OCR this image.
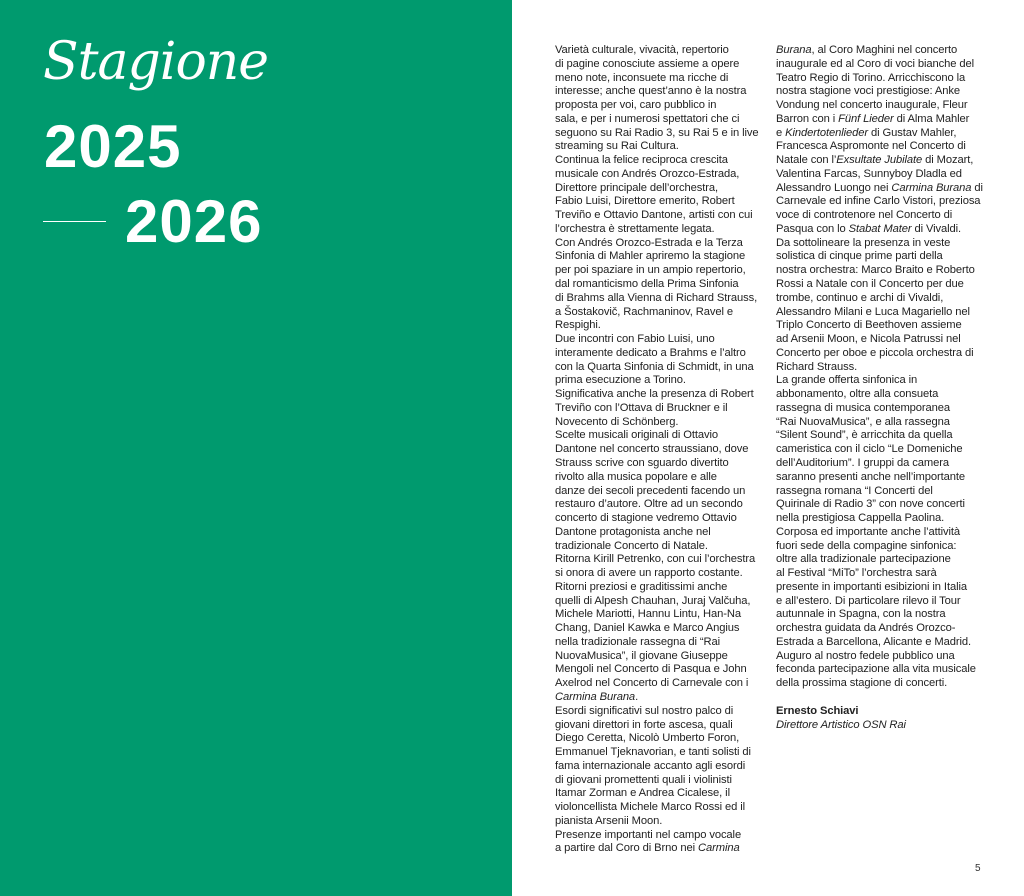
Stagione
2025
2026
Varietà culturale, vivacità, repertorio
di pagine conosciute assieme a opere
meno note, inconsuete ma ricche di
interesse; anche quest’anno è la nostra
proposta per voi, caro pubblico in
sala, e per i numerosi spettatori che ci
seguono su Rai Radio 3, su Rai 5 e in live
streaming su Rai Cultura.
Continua la felice reciproca crescita
musicale con Andrés Orozco-Estrada,
Direttore principale dell’orchestra,
Fabio Luisi, Direttore emerito, Robert
Treviño e Ottavio Dantone, artisti con cui
l’orchestra è strettamente legata.
Con Andrés Orozco-Estrada e la Terza
Sinfonia di Mahler apriremo la stagione
per poi spaziare in un ampio repertorio,
dal romanticismo della Prima Sinfonia
di Brahms alla Vienna di Richard Strauss,
a Šostakovič, Rachmaninov, Ravel e
Respighi.
Due incontri con Fabio Luisi, uno
interamente dedicato a Brahms e l’altro
con la Quarta Sinfonia di Schmidt, in una
prima esecuzione a Torino.
Significativa anche la presenza di Robert
Treviño con l’Ottava di Bruckner e il
Novecento di Schönberg.
Scelte musicali originali di Ottavio
Dantone nel concerto straussiano, dove
Strauss scrive con sguardo divertito
rivolto alla musica popolare e alle
danze dei secoli precedenti facendo un
restauro d’autore. Oltre ad un secondo
concerto di stagione vedremo Ottavio
Dantone protagonista anche nel
tradizionale Concerto di Natale.
Ritorna Kirill Petrenko, con cui l’orchestra
si onora di avere un rapporto costante.
Ritorni preziosi e graditissimi anche
quelli di Alpesh Chauhan, Juraj Valčuha,
Michele Mariotti, Hannu Lintu, Han-Na
Chang, Daniel Kawka e Marco Angius
nella tradizionale rassegna di “Rai
NuovaMusica”, il giovane Giuseppe
Mengoli nel Concerto di Pasqua e John
Axelrod nel Concerto di Carnevale con i
Carmina Burana.
Esordi significativi sul nostro palco di
giovani direttori in forte ascesa, quali
Diego Ceretta, Nicolò Umberto Foron,
Emmanuel Tjeknavorian, e tanti solisti di
fama internazionale accanto agli esordi
di giovani promettenti quali i violinisti
Itamar Zorman e Andrea Cicalese, il
violoncellista Michele Marco Rossi ed il
pianista Arsenii Moon.
Presenze importanti nel campo vocale
a partire dal Coro di Brno nei Carmina
Burana, al Coro Maghini nel concerto
inaugurale ed al Coro di voci bianche del
Teatro Regio di Torino. Arricchiscono la
nostra stagione voci prestigiose: Anke
Vondung nel concerto inaugurale, Fleur
Barron con i Fünf Lieder di Alma Mahler
e Kindertotenlieder di Gustav Mahler,
Francesca Aspromonte nel Concerto di
Natale con l’Exsultate Jubilate di Mozart,
Valentina Farcas, Sunnyboy Dladla ed
Alessandro Luongo nei Carmina Burana di
Carnevale ed infine Carlo Vistori, preziosa
voce di controtenore nel Concerto di
Pasqua con lo Stabat Mater di Vivaldi.
Da sottolineare la presenza in veste
solistica di cinque prime parti della
nostra orchestra: Marco Braito e Roberto
Rossi a Natale con il Concerto per due
trombe, continuo e archi di Vivaldi,
Alessandro Milani e Luca Magariello nel
Triplo Concerto di Beethoven assieme
ad Arsenii Moon, e Nicola Patrussi nel
Concerto per oboe e piccola orchestra di
Richard Strauss.
La grande offerta sinfonica in
abbonamento, oltre alla consueta
rassegna di musica contemporanea
“Rai NuovaMusica”, e alla rassegna
“Silent Sound”, è arricchita da quella
cameristica con il ciclo “Le Domeniche
dell’Auditorium”. I gruppi da camera
saranno presenti anche nell’importante
rassegna romana “I Concerti del
Quirinale di Radio 3” con nove concerti
nella prestigiosa Cappella Paolina.
Corposa ed importante anche l’attività
fuori sede della compagine sinfonica:
oltre alla tradizionale partecipazione
al Festival “MiTo” l’orchestra sarà
presente in importanti esibizioni in Italia
e all’estero. Di particolare rilevo il Tour
autunnale in Spagna, con la nostra
orchestra guidata da Andrés Orozco-
Estrada a Barcellona, Alicante e Madrid.
Auguro al nostro fedele pubblico una
feconda partecipazione alla vita musicale
della prossima stagione di concerti.

Ernesto Schiavi
Direttore Artistico OSN Rai

5
